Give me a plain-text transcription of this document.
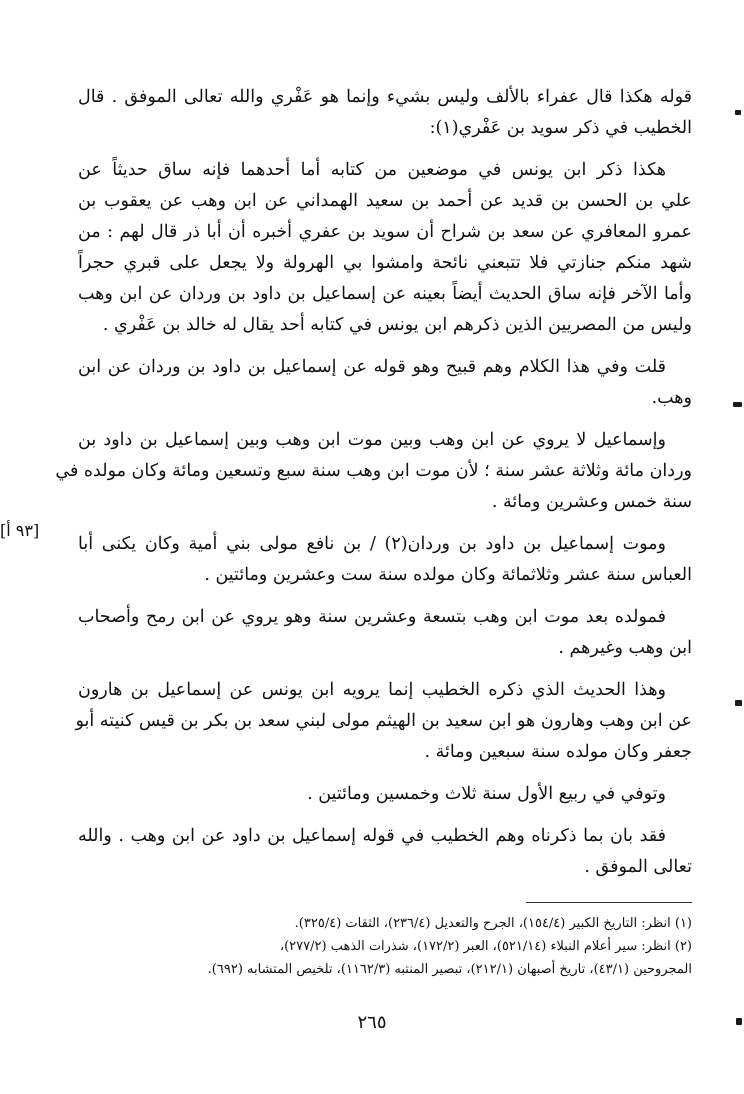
قوله هكذا قال عفراء بالألف وليس بشيء وإنما هو عَفْري والله تعالى الموفق . قال
الخطيب في ذكر سويد بن عَفْري(١):
هكذا ذكر ابن يونس في موضعين من كتابه أما أحدهما فإنه ساق حديثاً عن
علي بن الحسن بن قديد عن أحمد بن سعيد الهمداني عن ابن وهب عن يعقوب بن
عمرو المعافري عن سعد بن شراح أن سويد بن عفري أخبره أن أبا ذر قال لهم : من
شهد منكم جنازتي فلا تتبعني نائحة وامشوا بي الهرولة ولا يجعل على قبري حجراً
وأما الآخر فإنه ساق الحديث أيضاً بعينه عن إسماعيل بن داود بن وردان عن ابن وهب
وليس من المصريين الذين ذكرهم ابن يونس في كتابه أحد يقال له خالد بن عَفْري .
قلت وفي هذا الكلام وهم قبيح وهو قوله عن إسماعيل بن داود بن وردان عن ابن
وهب.
وإسماعيل لا يروي عن ابن وهب وبين موت ابن وهب وبين إسماعيل بن داود بن
وردان مائة وثلاثة عشر سنة ؛ لأن موت ابن وهب سنة سبع وتسعين ومائة وكان مولده في
سنة خمس وعشرين ومائة .
وموت إسماعيل بن داود بن وردان(٢) / بن نافع مولى بني أمية وكان يكنى أبا
العباس سنة عشر وثلاثمائة وكان مولده سنة ست وعشرين ومائتين .
فمولده بعد موت ابن وهب بتسعة وعشرين سنة وهو يروي عن ابن رمح وأصحاب
ابن وهب وغيرهم .
وهذا الحديث الذي ذكره الخطيب إنما يرويه ابن يونس عن إسماعيل بن هارون
عن ابن وهب وهارون هو ابن سعيد بن الهيثم مولى لبني سعد بن بكر بن قيس كنيته أبو
جعفر وكان مولده سنة سبعين ومائة .
وتوفي في ربيع الأول سنة ثلاث وخمسين ومائتين .
فقد بان بما ذكرناه وهم الخطيب في قوله إسماعيل بن داود عن ابن وهب . والله
تعالى الموفق .
[٩٣ أ]
(١) انظر: التاريخ الكبير (١٥٤/٤)، الجرح والتعديل (٢٣٦/٤)، الثقات (٣٢٥/٤).
(٢) انظر: سير أعلام النبلاء (٥٢١/١٤)، العبر (١٧٢/٢)، شذرات الذهب (٢٧٧/٢)،
المجروحين (٤٣/١)، تاريخ أصبهان (٢١٢/١)، تبصير المنتبه (١١٦٢/٣)، تلخيص المتشابه (٦٩٢).
٢٦٥
